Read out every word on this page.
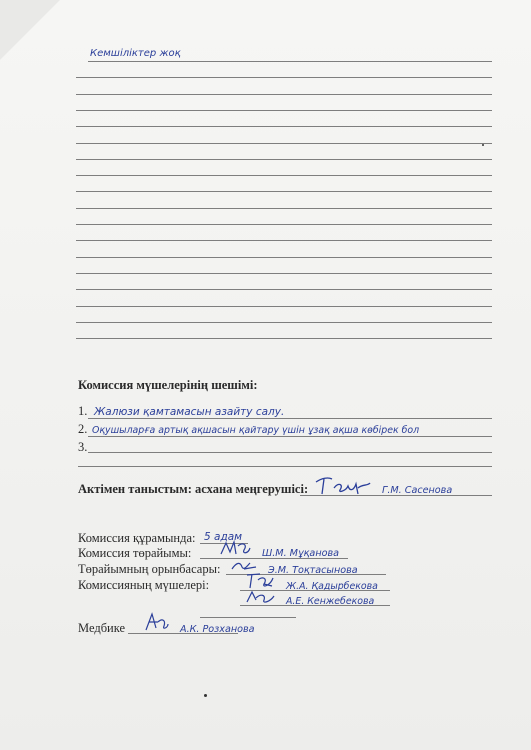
Кемшіліктер жоқ
Комиссия мүшелерінің шешімі:
1. Жалюзи қамтамасын азайту салу.
2. Оқушыларға артық ақшасын қайтару үшін ұзақ ақша көбірек бол
3.
Актімен таныстым: асхана меңгерушісі:	Г.М. Сасенова
Комиссия құрамында: 5 адам
Комиссия төрайымы:	Ш.М. Мұқанова
Төрайымның орынбасары:	Э.М. Тоқтасынова
Комиссияның мүшелері:	Ж.А. Қадырбекова
А.Е. Кенжебекова
Медбике	А.К. Розханова
